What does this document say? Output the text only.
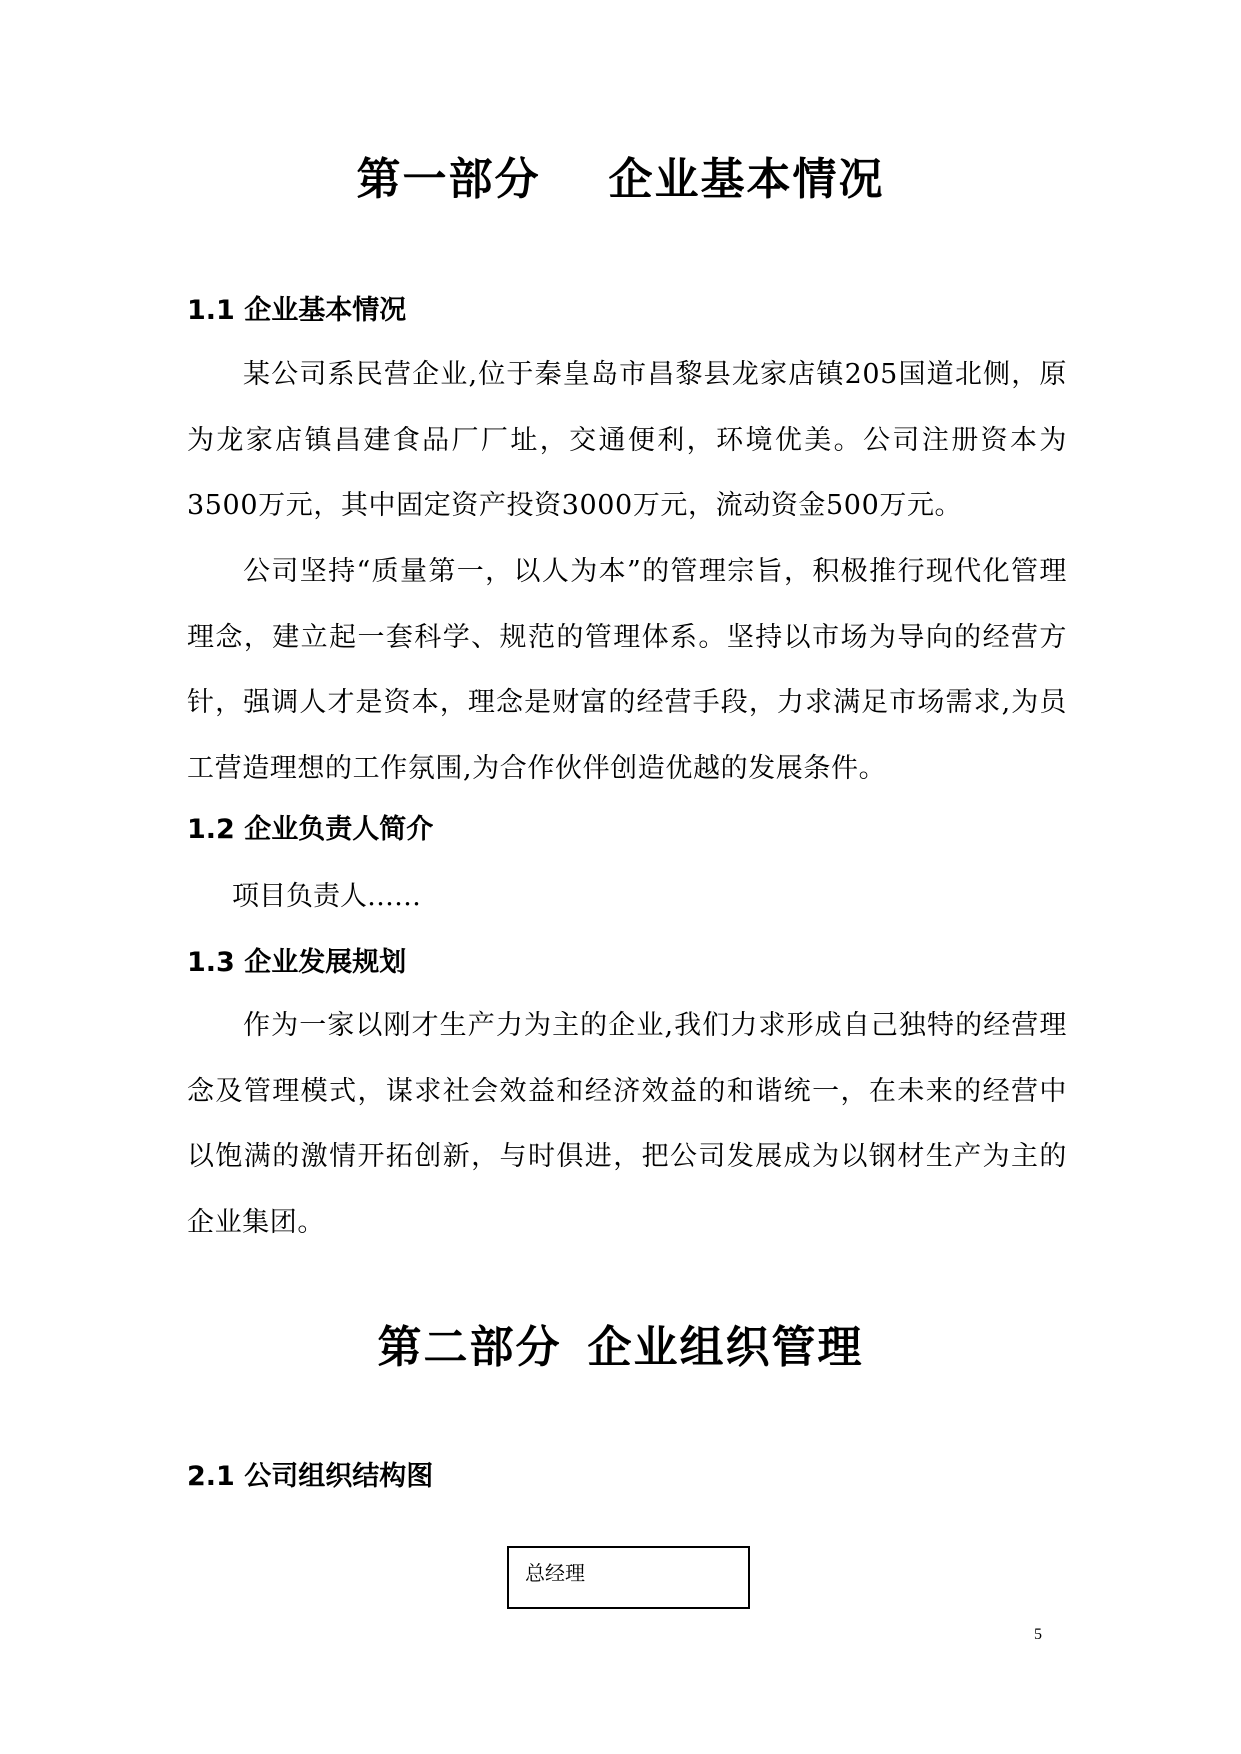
第一部分 企业基本情况
1.1 企业基本情况

某公司系民营企业,位于秦皇岛市昌黎县龙家店镇205国道北侧，原为龙家店镇昌建食品厂厂址，交通便利，环境优美。公司注册资本为3500万元，其中固定资产投资3000万元，流动资金500万元。

公司坚持“质量第一，以人为本”的管理宗旨，积极推行现代化管理理念，建立起一套科学、规范的管理体系。坚持以市场为导向的经营方针，强调人才是资本，理念是财富的经营手段，力求满足市场需求,为员工营造理想的工作氛围,为合作伙伴创造优越的发展条件。

1.2 企业负责人简介

项目负责人……

1.3 企业发展规划

作为一家以刚才生产力为主的企业,我们力求形成自己独特的经营理念及管理模式，谋求社会效益和经济效益的和谐统一，在未来的经营中以饱满的激情开拓创新，与时俱进，把公司发展成为以钢材生产为主的企业集团。

第二部分 企业组织管理
2.1 公司组织结构图
总经理
5
